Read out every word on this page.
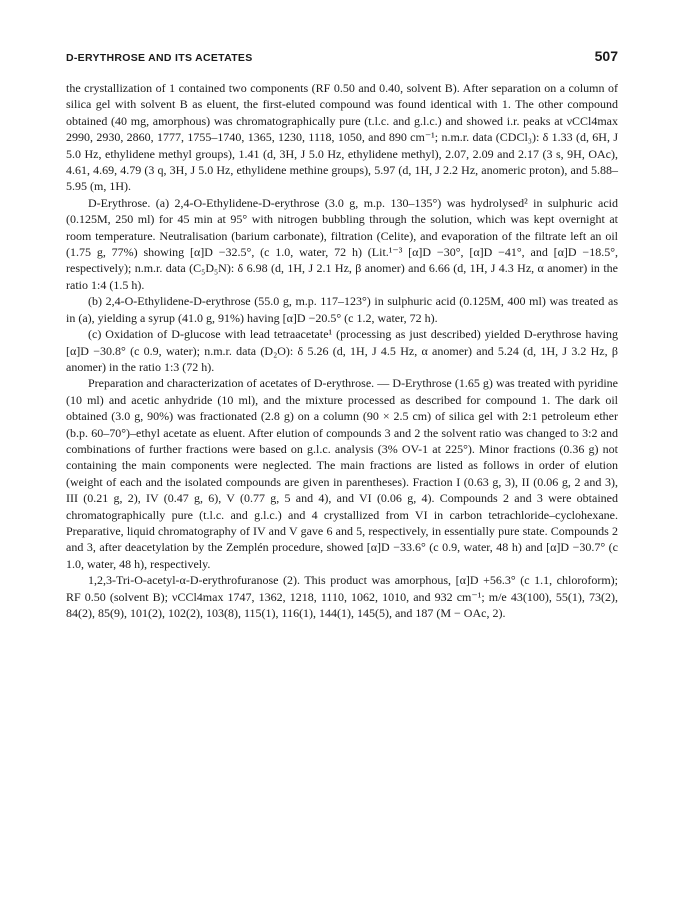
D-ERYTHROSE AND ITS ACETATES	507

the crystallization of 1 contained two components (RF 0.50 and 0.40, solvent B). After separation on a column of silica gel with solvent B as eluent, the first-eluted compound was found identical with 1. The other compound obtained (40 mg, amorphous) was chromatographically pure (t.l.c. and g.l.c.) and showed i.r. peaks at νCCl4max 2990, 2930, 2860, 1777, 1755–1740, 1365, 1230, 1118, 1050, and 890 cm⁻¹; n.m.r. data (CDCl₃): δ 1.33 (d, 6H, J 5.0 Hz, ethylidene methyl groups), 1.41 (d, 3H, J 5.0 Hz, ethylidene methyl), 2.07, 2.09 and 2.17 (3 s, 9H, OAc), 4.61, 4.69, 4.79 (3 q, 3H, J 5.0 Hz, ethylidene methine groups), 5.97 (d, 1H, J 2.2 Hz, anomeric proton), and 5.88–5.95 (m, 1H).

D-Erythrose. (a) 2,4-O-Ethylidene-D-erythrose (3.0 g, m.p. 130–135°) was hydrolysed² in sulphuric acid (0.125M, 250 ml) for 45 min at 95° with nitrogen bubbling through the solution, which was kept overnight at room temperature. Neutralisation (barium carbonate), filtration (Celite), and evaporation of the filtrate left an oil (1.75 g, 77%) showing [α]D −32.5°, (c 1.0, water, 72 h) (Lit.¹⁻³ [α]D −30°, [α]D −41°, and [α]D −18.5°, respectively); n.m.r. data (C₅D₅N): δ 6.98 (d, 1H, J 2.1 Hz, β anomer) and 6.66 (d, 1H, J 4.3 Hz, α anomer) in the ratio 1:4 (1.5 h).

(b) 2,4-O-Ethylidene-D-erythrose (55.0 g, m.p. 117–123°) in sulphuric acid (0.125M, 400 ml) was treated as in (a), yielding a syrup (41.0 g, 91%) having [α]D −20.5° (c 1.2, water, 72 h).

(c) Oxidation of D-glucose with lead tetraacetate¹ (processing as just described) yielded D-erythrose having [α]D −30.8° (c 0.9, water); n.m.r. data (D₂O): δ 5.26 (d, 1H, J 4.5 Hz, α anomer) and 5.24 (d, 1H, J 3.2 Hz, β anomer) in the ratio 1:3 (72 h).

Preparation and characterization of acetates of D-erythrose. — D-Erythrose (1.65 g) was treated with pyridine (10 ml) and acetic anhydride (10 ml), and the mixture processed as described for compound 1. The dark oil obtained (3.0 g, 90%) was fractionated (2.8 g) on a column (90 × 2.5 cm) of silica gel with 2:1 petroleum ether (b.p. 60–70°)–ethyl acetate as eluent. After elution of compounds 3 and 2 the solvent ratio was changed to 3:2 and combinations of further fractions were based on g.l.c. analysis (3% OV-1 at 225°). Minor fractions (0.36 g) not containing the main components were neglected. The main fractions are listed as follows in order of elution (weight of each and the isolated compounds are given in parentheses). Fraction I (0.63 g, 3), II (0.06 g, 2 and 3), III (0.21 g, 2), IV (0.47 g, 6), V (0.77 g, 5 and 4), and VI (0.06 g, 4). Compounds 2 and 3 were obtained chromatographically pure (t.l.c. and g.l.c.) and 4 crystallized from VI in carbon tetrachloride–cyclohexane. Preparative, liquid chromatography of IV and V gave 6 and 5, respectively, in essentially pure state. Compounds 2 and 3, after deacetylation by the Zemplén procedure, showed [α]D −33.6° (c 0.9, water, 48 h) and [α]D −30.7° (c 1.0, water, 48 h), respectively.

1,2,3-Tri-O-acetyl-α-D-erythrofuranose (2). This product was amorphous, [α]D +56.3° (c 1.1, chloroform); RF 0.50 (solvent B); νCCl4max 1747, 1362, 1218, 1110, 1062, 1010, and 932 cm⁻¹; m/e 43(100), 55(1), 73(2), 84(2), 85(9), 101(2), 102(2), 103(8), 115(1), 116(1), 144(1), 145(5), and 187 (M − OAc, 2).
